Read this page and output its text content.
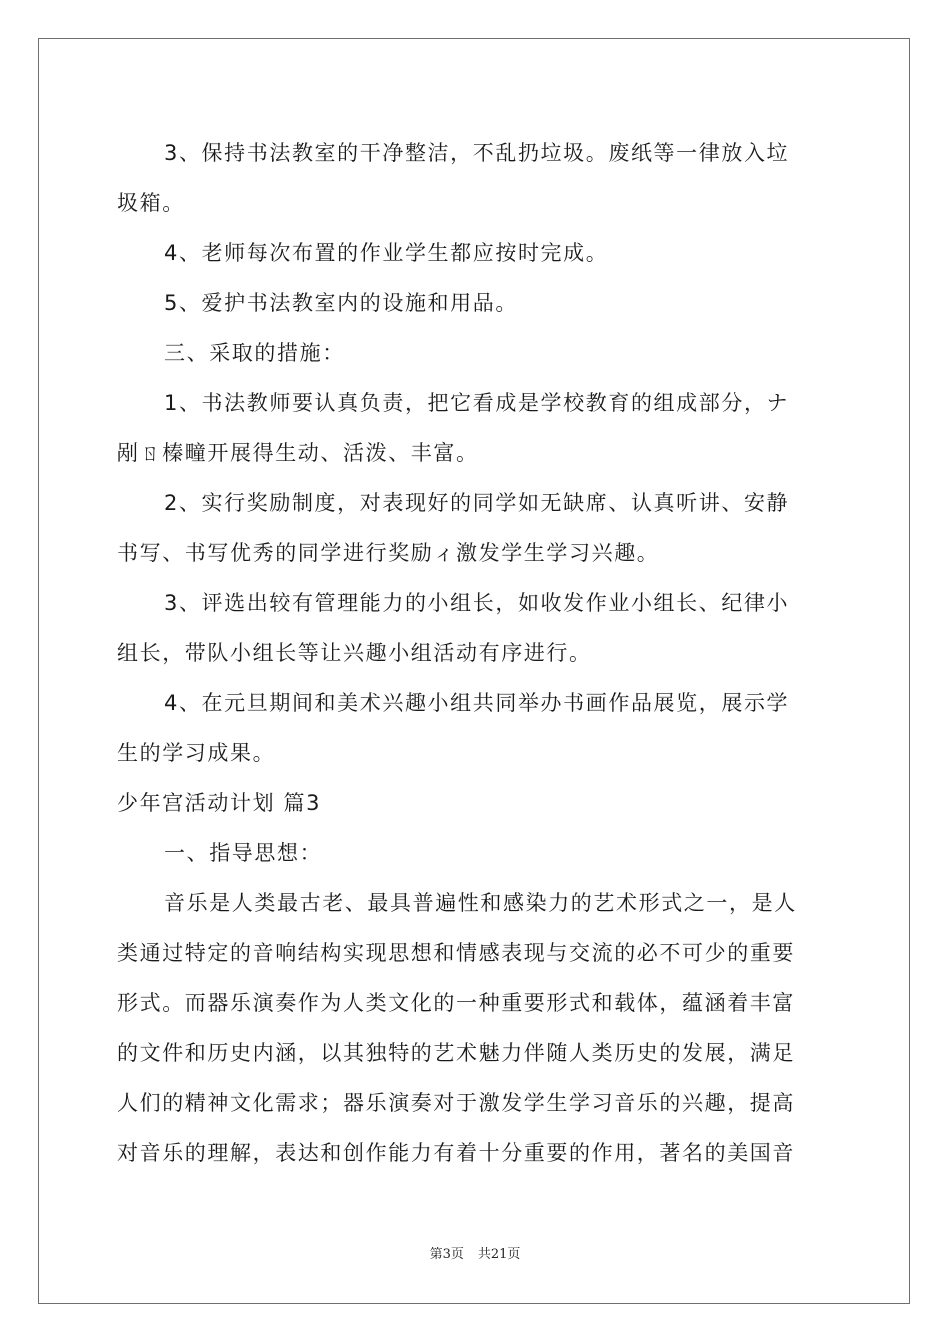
3、保持书法教室的干净整洁，不乱扔垃圾。废纸等一律放入垃
圾箱。
4、老师每次布置的作业学生都应按时完成。
5、爱护书法教室内的设施和用品。
三、采取的措施：
1、书法教师要认真负责，把它看成是学校教育的组成部分，ナ
剐ㄖ榛疃开展得生动、活泼、丰富。
2、实行奖励制度，对表现好的同学如无缺席、认真听讲、安静
书写、书写优秀的同学进行奖励ィ激发学生学习兴趣。
3、评选出较有管理能力的小组长，如收发作业小组长、纪律小
组长，带队小组长等让兴趣小组活动有序进行。
4、在元旦期间和美术兴趣小组共同举办书画作品展览，展示学
生的学习成果。
少年宫活动计划 篇3
一、指导思想：
音乐是人类最古老、最具普遍性和感染力的艺术形式之一，是人
类通过特定的音响结构实现思想和情感表现与交流的必不可少的重要
形式。而器乐演奏作为人类文化的一种重要形式和载体，蕴涵着丰富
的文件和历史内涵，以其独特的艺术魅力伴随人类历史的发展，满足
人们的精神文化需求；器乐演奏对于激发学生学习音乐的兴趣，提高
对音乐的理解，表达和创作能力有着十分重要的作用，著名的美国音
第3页 共21页
